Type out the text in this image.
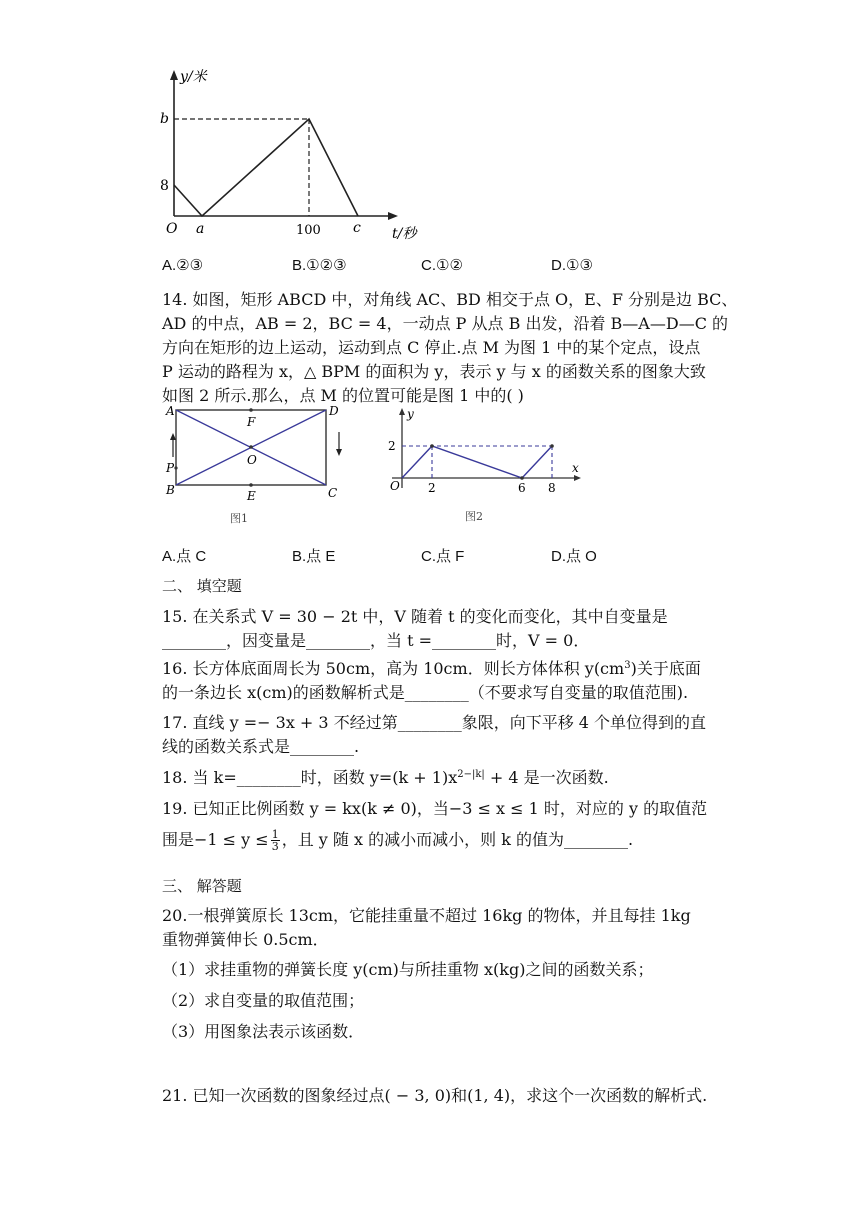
y/米
b
8
O a	100 c t/秒
A.②③	B.①②③	C.①②	D.①③
14. 如图，矩形 ABCD 中，对角线 AC、BD 相交于点 O，E、F 分别是边 BC、
AD 的中点，AB = 2，BC = 4，一动点 P 从点 B 出发，沿着 B—A—D—C 的
方向在矩形的边上运动，运动到点 C 停止.点 M 为图 1 中的某个定点，设点
P 运动的路程为 x，△ BPM 的面积为 y，表示 y 与 x 的函数关系的图象大致
如图 2 所示.那么，点 M 的位置可能是图 1 中的( )
A	D
B	C
F
O
E
P
图1
y
x
2
O 2	6 8
图2
A.点 C	B.点 E	C.点 F	D.点 O
二、 填空题
15. 在关系式 V = 30 − 2t 中，V 随着 t 的变化而变化，其中自变量是
________，因变量是________，当 t =________时，V = 0．
16. 长方体底面周长为 50cm，高为 10cm．则长方体体积 $y(cm^3)$关于底面
的一条边长 x(cm)的函数解析式是________（不要求写自变量的取值范围).
17. 直线 y =− 3x + 3 不经过第________象限，向下平移 4 个单位得到的直
线的函数关系式是________.
18. 当 k=________时，函数 $y=(k + 1)x^{2-|k|} + 4$ 是一次函数.
19. 已知正比例函数 y = kx(k ≠ 0)，当−3 ≤ x ≤ 1 时，对应的 y 的取值范
围是$-1 \le y \le \frac{1}{3}$ ，且 y 随 x 的减小而减小，则 k 的值为________.
三、 解答题
20.一根弹簧原长 13cm，它能挂重量不超过 16kg 的物体，并且每挂 1kg
重物弹簧伸长 0.5cm．
（1）求挂重物的弹簧长度 y(cm)与所挂重物 x(kg)之间的函数关系；
（2）求自变量的取值范围；
（3）用图象法表示该函数．
21. 已知一次函数的图象经过点( − 3, 0)和(1, 4)，求这个一次函数的解析式.
